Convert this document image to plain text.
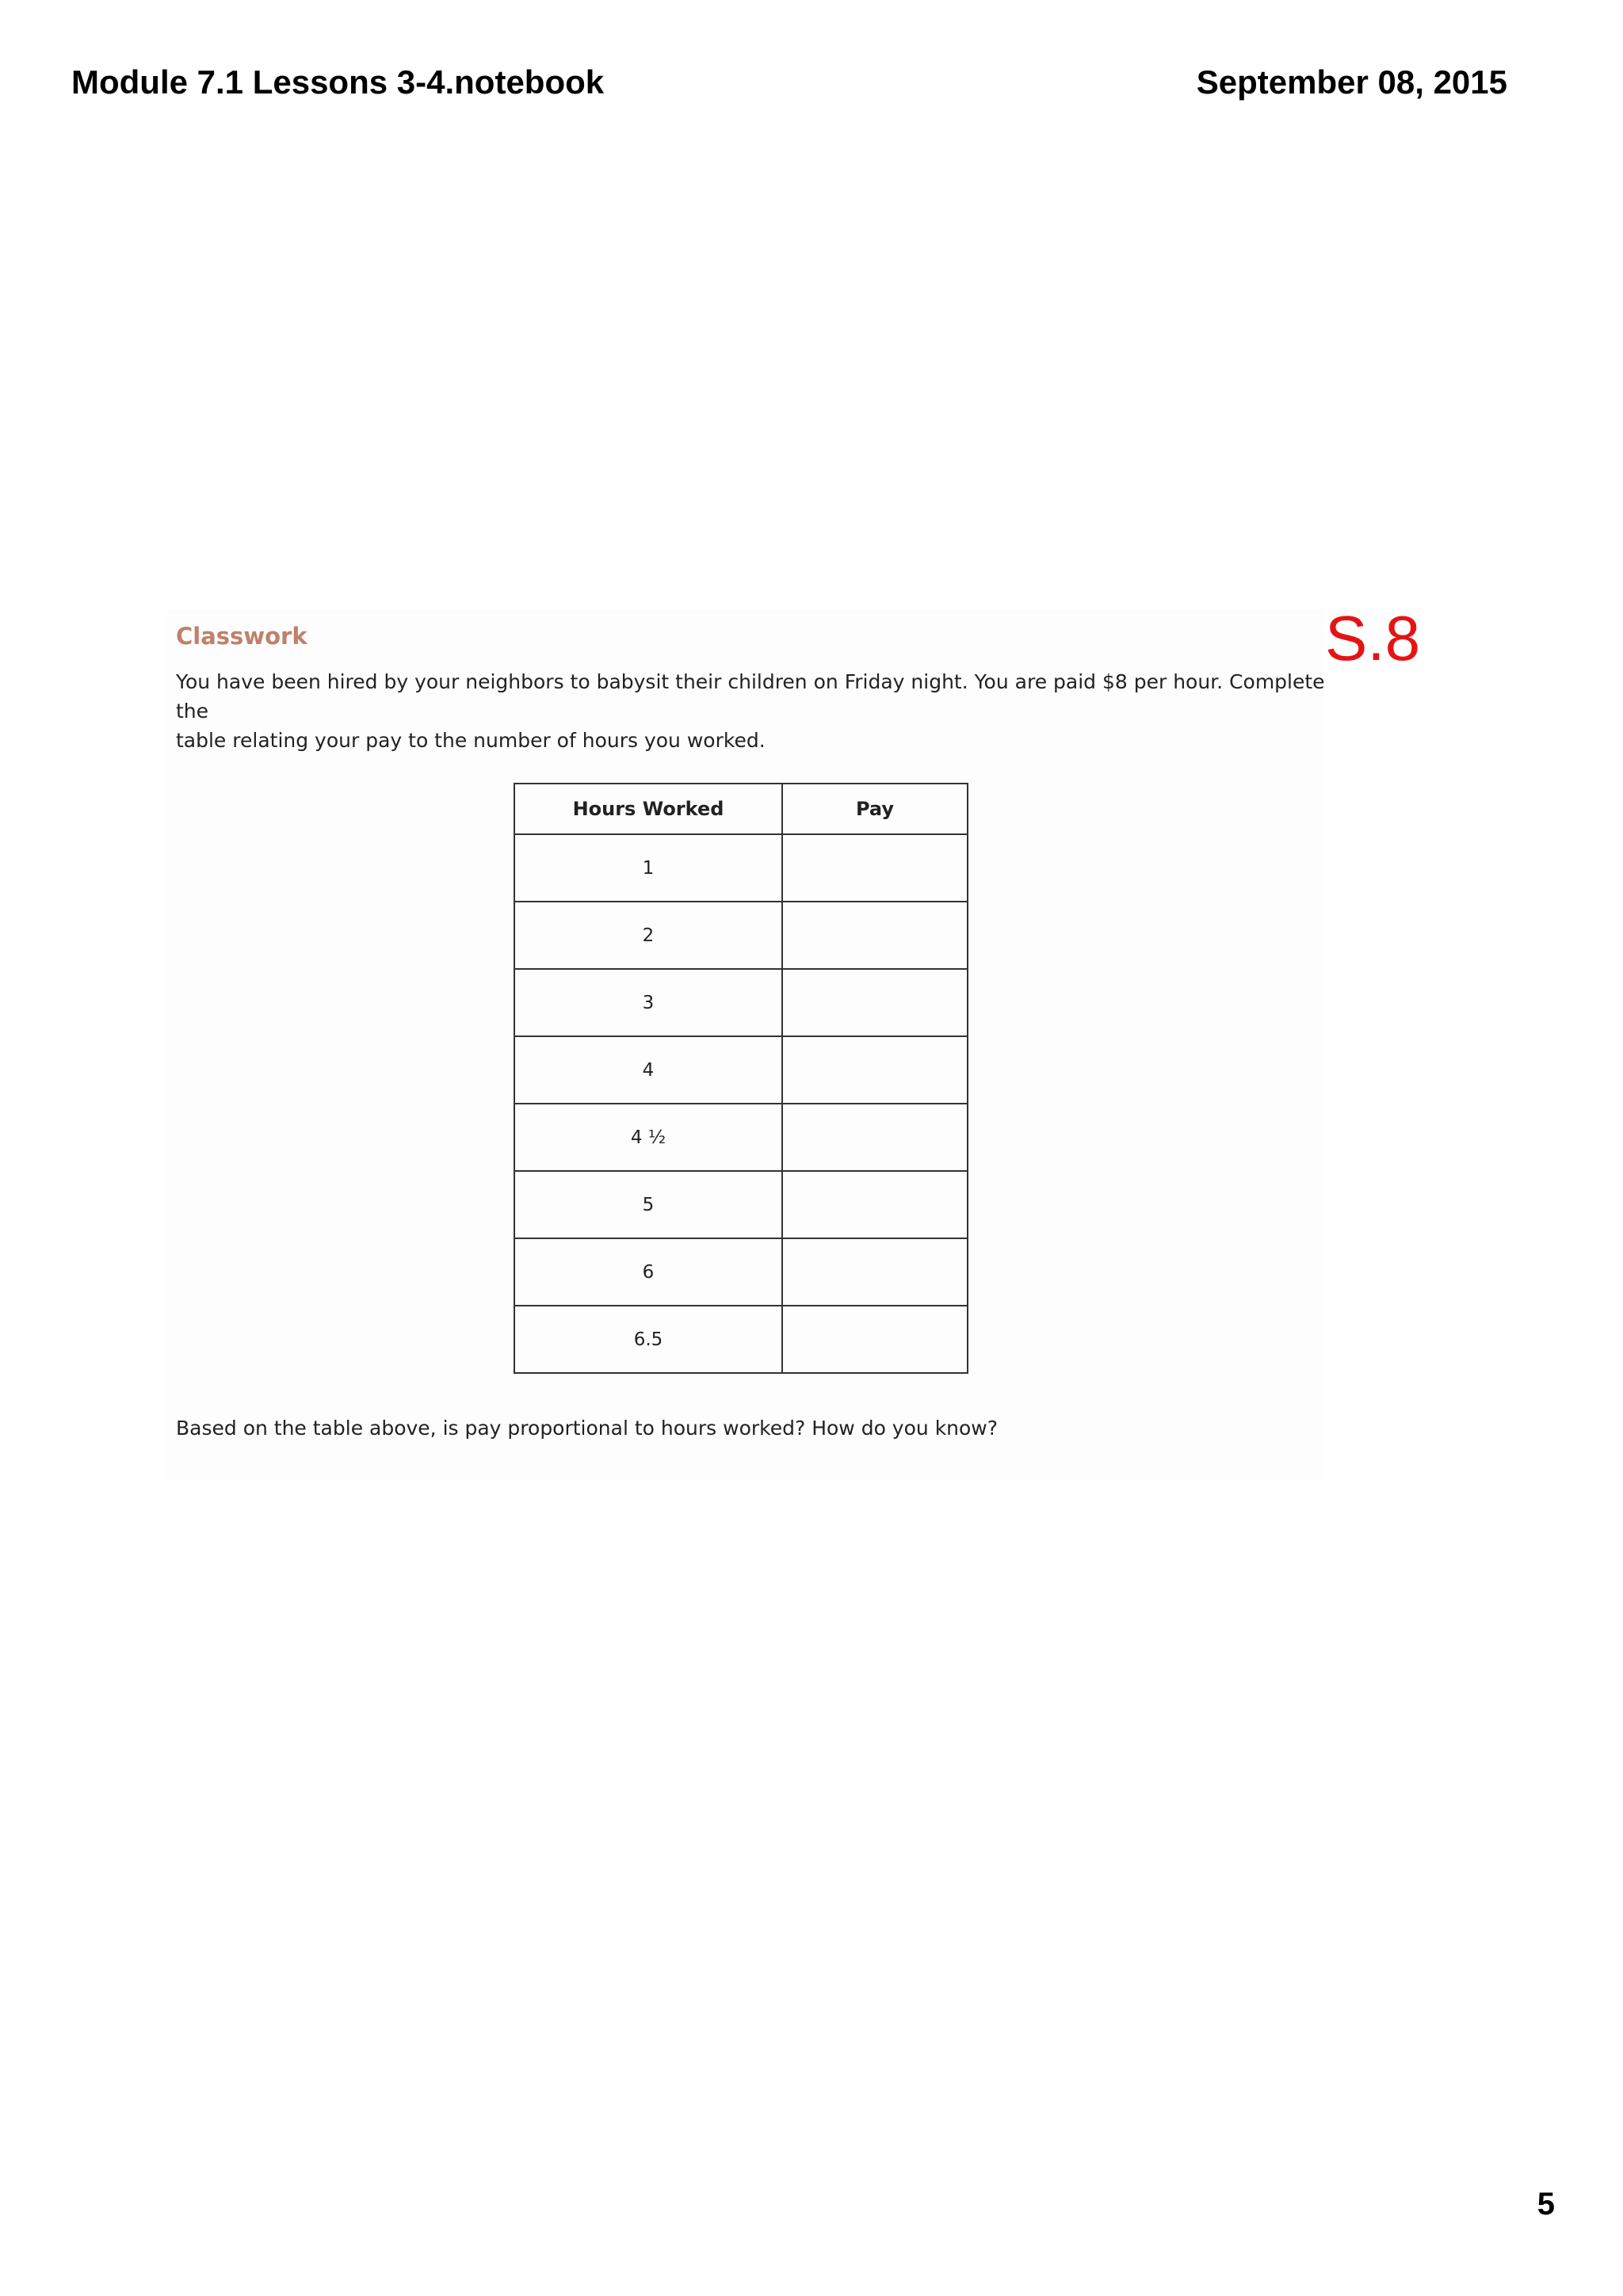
Module 7.1 Lessons 3-4.notebook	September 08, 2015
S.8
Classwork

You have been hired by your neighbors to babysit their children on Friday night. You are paid $8 per hour. Complete the

table relating your pay to the number of hours you worked.

Hours Worked	Pay
1	
2	
3	
4	
4 ½	
5	
6	
6.5	
Based on the table above, is pay proportional to hours worked? How do you know?
5
